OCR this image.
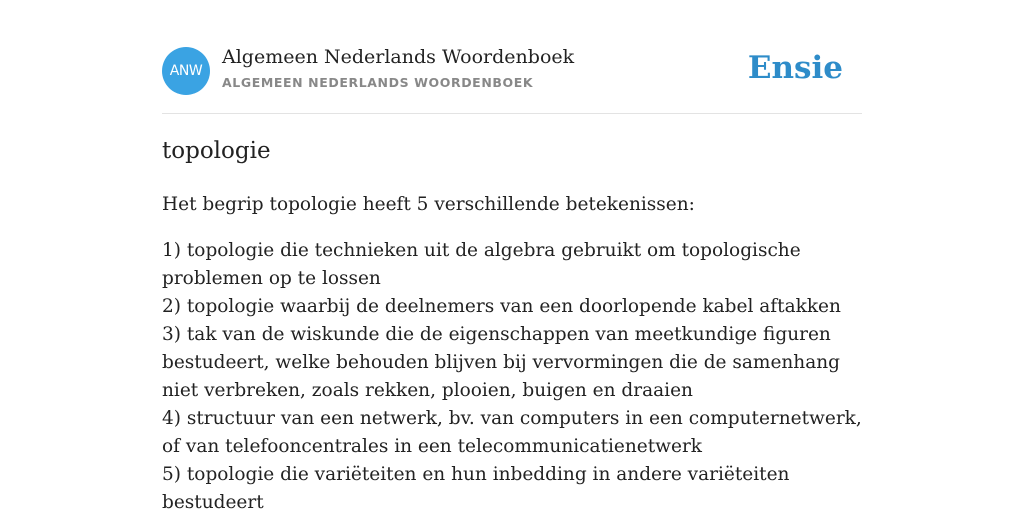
ANW
Algemeen Nederlands Woordenboek
ALGEMEEN NEDERLANDS WOORDENBOEK	Ensie
topologie

Het begrip topologie heeft 5 verschillende betekenissen:

1) topologie die technieken uit de algebra gebruikt om topologische problemen op te lossen
2) topologie waarbij de deelnemers van een doorlopende kabel aftakken
3) tak van de wiskunde die de eigenschappen van meetkundige figuren bestudeert, welke behouden blijven bij vervormingen die de samenhang niet verbreken, zoals rekken, plooien, buigen en draaien
4) structuur van een netwerk, bv. van computers in een computernetwerk, of van telefooncentrales in een telecommunicatienetwerk
5) topologie die variëteiten en hun inbedding in andere variëteiten bestudeert
